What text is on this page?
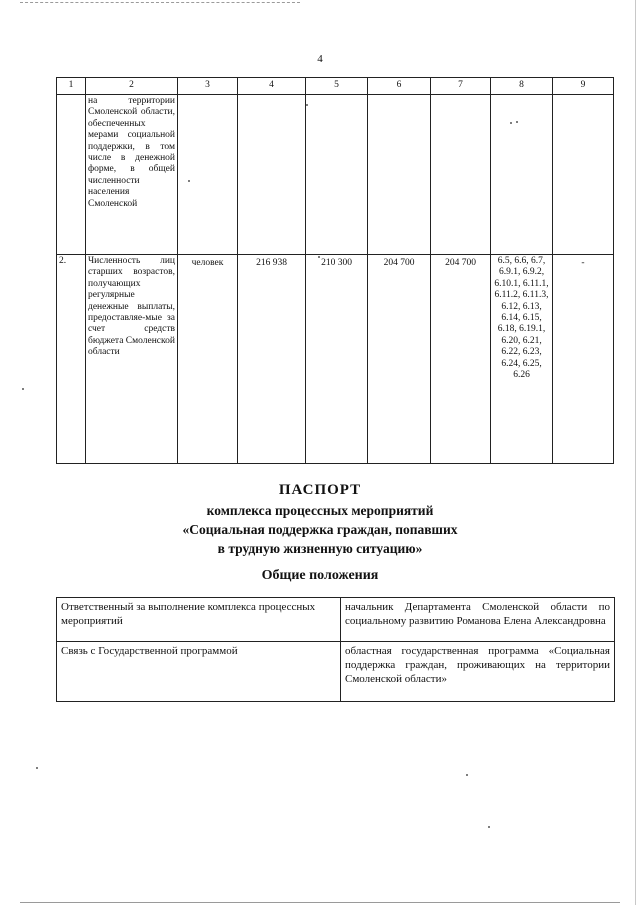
4
1	2	3	4	5	6	7	8	9
	на территории Смоленской области, обеспеченных мерами социальной поддержки, в том числе в денежной форме, в общей численности населения Смоленской							
2.	Численность лиц старших возрастов, получающих регулярные денежные выплаты, предоставляе-мые за счет средств бюджета Смоленской области	человек	216 938	210 300	204 700	204 700	6.5, 6.6, 6.7, 6.9.1, 6.9.2, 6.10.1, 6.11.1, 6.11.2, 6.11.3, 6.12, 6.13, 6.14, 6.15, 6.18, 6.19.1, 6.20, 6.21, 6.22, 6.23, 6.24, 6.25, 6.26	-
ПАСПОРТ
комплекса процессных мероприятий
«Социальная поддержка граждан, попавших
в трудную жизненную ситуацию»
Общие положения
Ответственный за выполнение комплекса процессных мероприятий	начальник Департамента Смоленской области по социальному развитию Романова Елена Александровна
Связь с Государственной программой	областная государственная программа «Социальная поддержка граждан, проживающих на территории Смоленской области»
